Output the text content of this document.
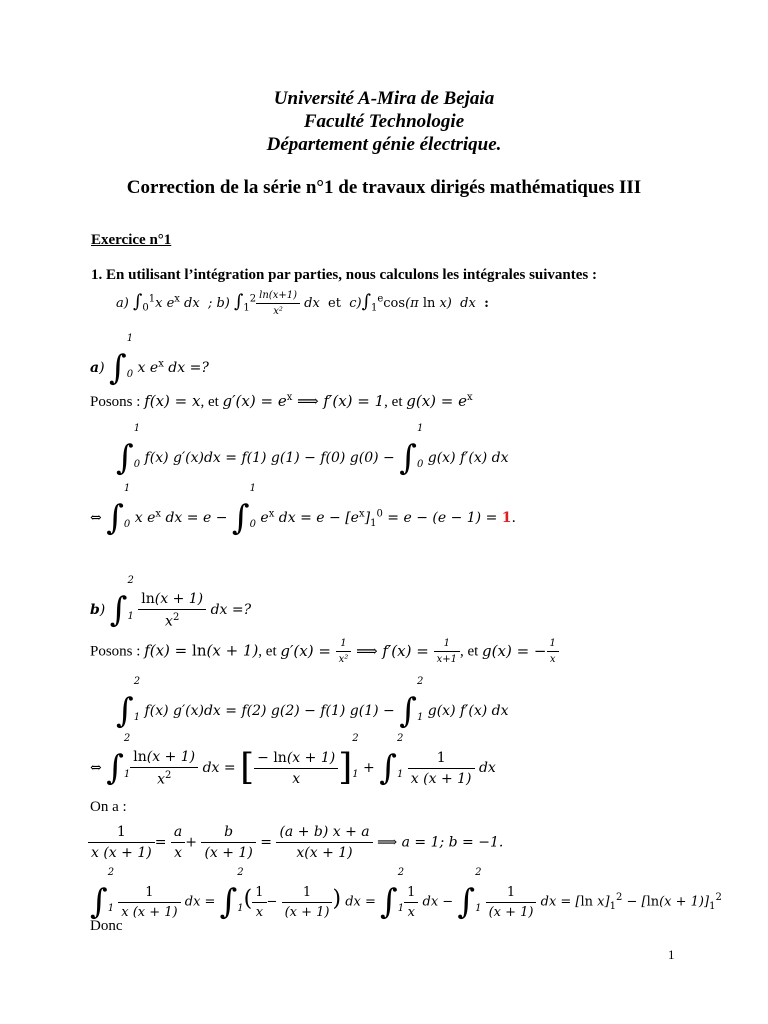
Université A-Mira de Bejaia
Faculté Technologie
Département génie électrique.
Correction de la série n°1 de travaux dirigés mathématiques III
Exercice n°1
1. En utilisant l’intégration par parties, nous calculons les intégrales suivantes :
a) $\int_0^1x$ $e^x$ dx  ; b) $\int_1^2 \frac{\ln(x+1)}{\text{x²}}$ dx  et  $c)\int_1^e\cos(\pi$ ln x)  dx  :
a) ∫1
0 x $e^x$ dx =?
Posons : f(x) = x, et $g'(x) = e^x$ ⟹ f′(x) = 1, et $g(x) = e^x$
∫1
0 f(x) g′(x)dx = f(1) g(1) − f(0) g(0) − ∫1
0 g(x) f′(x) dx
⇔ ∫1
0 x $e^x$ dx = e − ∫1
0 $e^x$ dx = $e - [e^x]_1^0 = e - (e - 1) = 1$.
b) ∫2
$1 \frac{\ln(x + 1)}{x^2}$ dx =?
Posons : f(x) = ln(x + 1), et $g'(x) = \frac{1}{\text{x²}}$ ⟹ $f'(x) = \frac{1}{x+1}$ , et g(x) = − $\frac{1}{x}$
∫2
1 f(x) g′(x)dx = f(2) g(2) − f(1) g(1) − ∫2
1 g(x) f′(x) dx
⇔ ∫2
$1 \frac{\ln(x + 1)}{x^2}$ dx = [ $\frac{- \ln(x + 1)}{x} ]2$
1 + ∫2
$1 \frac{1}{x (x + 1)}$ dx
On a :
$\frac{1}{x (x + 1)} = \frac{a}{x} + \frac{b}{(x + 1)} = \frac{(a + b) x + a}{x(x + 1)}$ ⟹ a = 1; b = −1.
∫2
$1 \frac{1}{x (x + 1)}$ dx = ∫2
$1( \frac{1}{x} - \frac{1}{(x + 1)}$ ) dx = ∫2
$1 \frac{1}{x}$ dx − ∫2
$1 \frac{1}{(x + 1)}$ dx = [ln $x]_1^2 - [\ln(x + 1)]_1^2$
Donc
1
